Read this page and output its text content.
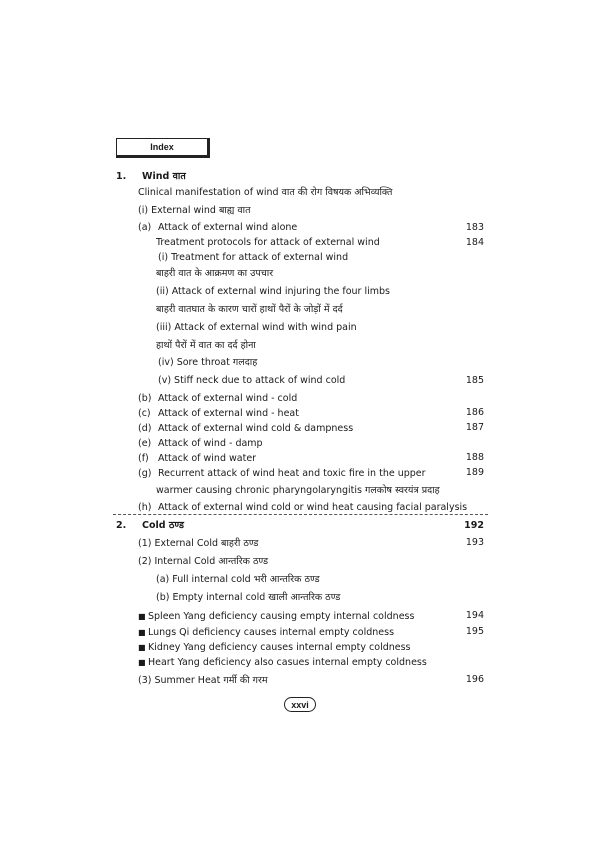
Index
1. Wind वात
Clinical manifestation of wind वात की रोग विषयक अभिव्यक्ति
(i) External wind बाह्य वात
(a) Attack of external wind alone	183
Treatment protocols for attack of external wind	184
(i) Treatment for attack of external wind
बाहरी वात के आक्रमण का उपचार
(ii) Attack of external wind injuring the four limbs
बाहरी वातघात के कारण चारों हाथों पैरों के जोड़ों में दर्द
(iii) Attack of external wind with wind pain
हाथों पैरों में वात का दर्द होना
(iv) Sore throat गलदाह
(v) Stiff neck due to attack of wind cold	185
(b) Attack of external wind - cold
(c) Attack of external wind - heat	186
(d) Attack of external wind cold & dampness	187
(e) Attack of wind - damp
(f) Attack of wind water	188
(g) Recurrent attack of wind heat and toxic fire in the upper	189
warmer causing chronic pharyngolaryngitis गलकोष स्वरयंत्र प्रदाह
(h) Attack of external wind cold or wind heat causing facial paralysis
2. Cold ठण्ड	192
(1) External Cold बाहरी ठण्ड	193
(2) Internal Cold आन्तरिक ठण्ड
(a) Full internal cold भरी आन्तरिक ठण्ड
(b) Empty internal cold खाली आन्तरिक ठण्ड
■ Spleen Yang deficiency causing empty internal coldness	194
■ Lungs Qi deficiency causes internal empty coldness	195
■ Kidney Yang deficiency causes internal empty coldness
■ Heart Yang deficiency also casues internal empty coldness
(3) Summer Heat गर्मी की गरम	196
xxvi
